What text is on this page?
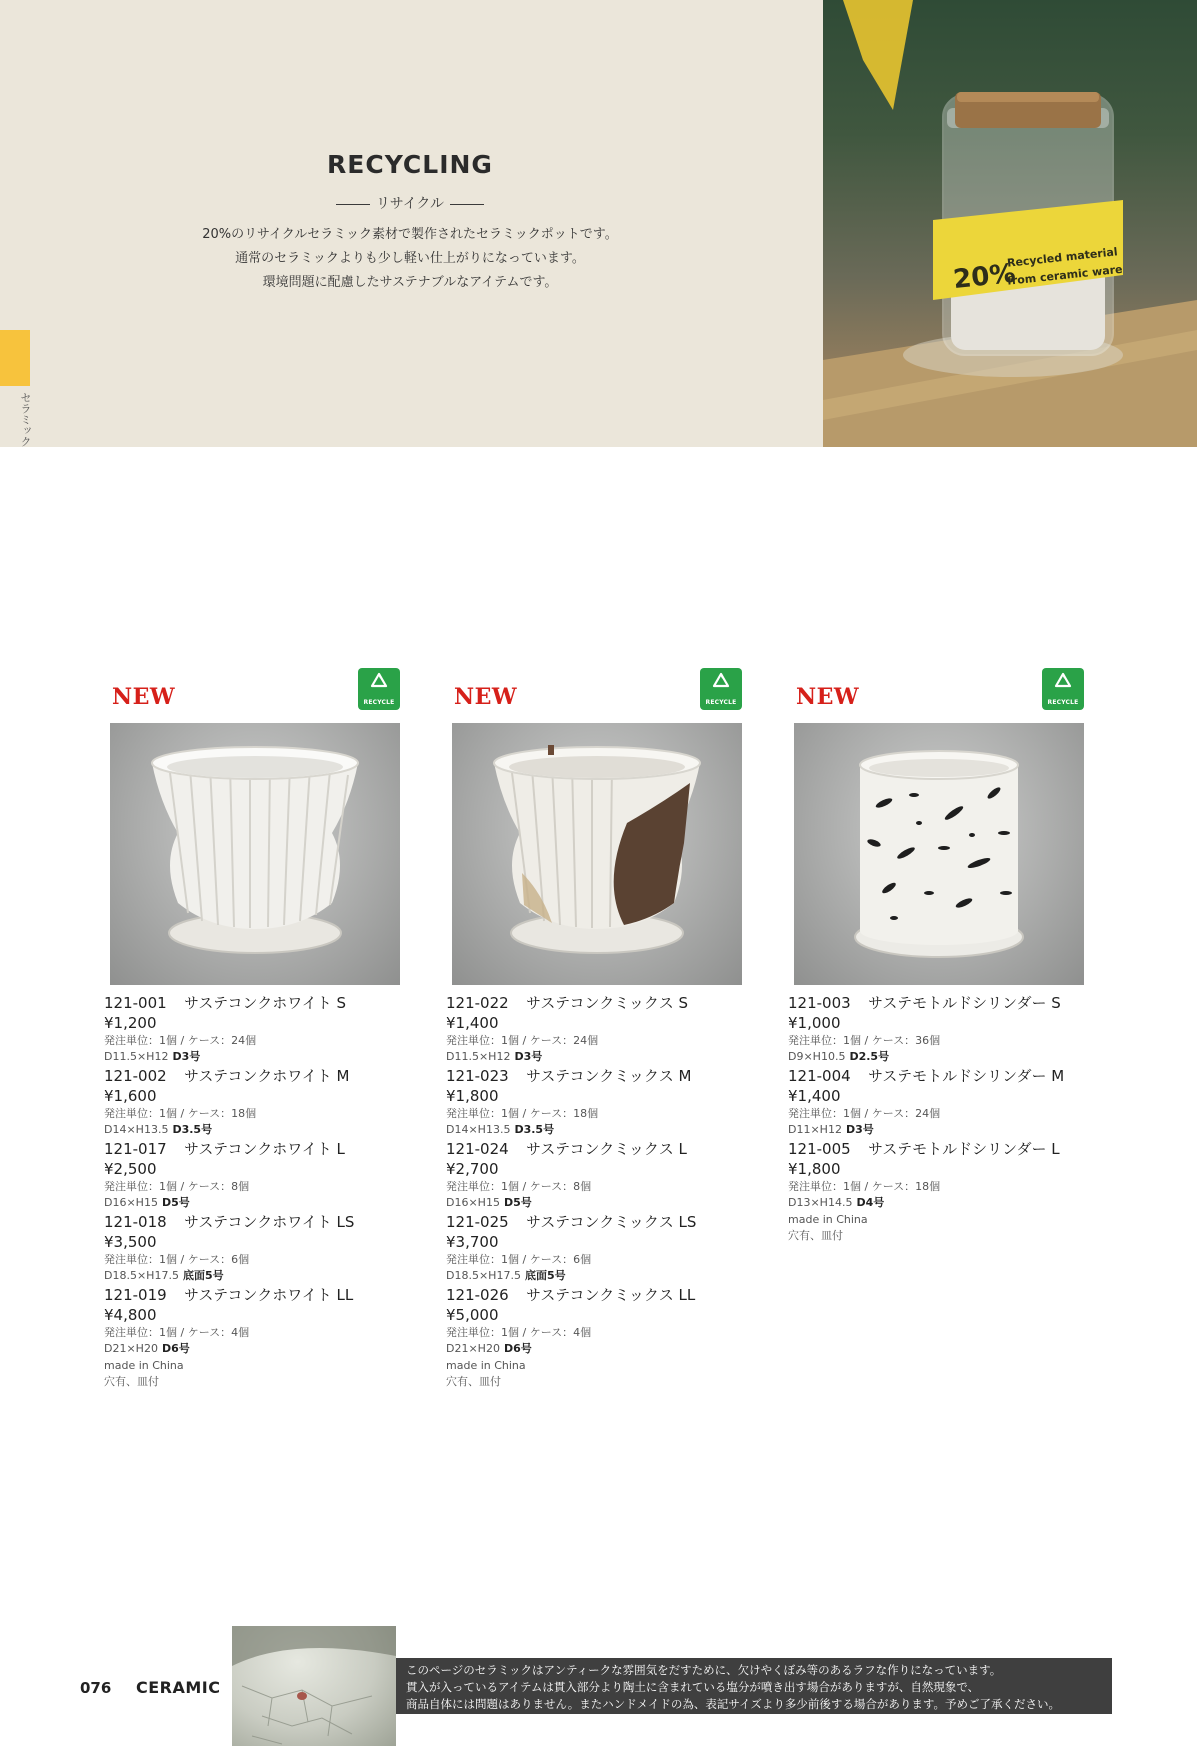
RECYCLING
リサイクル
20%のリサイクルセラミック素材で製作されたセラミックポットです。
通常のセラミックよりも少し軽い仕上がりになっています。
環境問題に配慮したサステナブルなアイテムです。	20%
Recycled material
from ceramic ware
セラミック
NEW	RECYCLE
121-001 サステコンクホワイト S
¥1,200
発注単位：1個 / ケース：24個
D11.5×H12 D3号
121-002 サステコンクホワイト M
¥1,600
発注単位：1個 / ケース：18個
D14×H13.5 D3.5号
121-017 サステコンクホワイト L
¥2,500
発注単位：1個 / ケース：8個
D16×H15 D5号
121-018 サステコンクホワイト LS
¥3,500
発注単位：1個 / ケース：6個
D18.5×H17.5 底面5号
121-019 サステコンクホワイト LL
¥4,800
発注単位：1個 / ケース：4個
D21×H20 D6号
made in China
穴有、皿付
NEW	RECYCLE
121-022 サステコンクミックス S
¥1,400
発注単位：1個 / ケース：24個
D11.5×H12 D3号
121-023 サステコンクミックス M
¥1,800
発注単位：1個 / ケース：18個
D14×H13.5 D3.5号
121-024 サステコンクミックス L
¥2,700
発注単位：1個 / ケース：8個
D16×H15 D5号
121-025 サステコンクミックス LS
¥3,700
発注単位：1個 / ケース：6個
D18.5×H17.5 底面5号
121-026 サステコンクミックス LL
¥5,000
発注単位：1個 / ケース：4個
D21×H20 D6号
made in China
穴有、皿付
NEW	RECYCLE
121-003 サステモトルドシリンダー S
¥1,000
発注単位：1個 / ケース：36個
D9×H10.5 D2.5号
121-004 サステモトルドシリンダー M
¥1,400
発注単位：1個 / ケース：24個
D11×H12 D3号
121-005 サステモトルドシリンダー L
¥1,800
発注単位：1個 / ケース：18個
D13×H14.5 D4号
made in China
穴有、皿付
076 CERAMIC
このページのセラミックはアンティークな雰囲気をだすために、欠けやくぼみ等のあるラフな作りになっています。
貫入が入っているアイテムは貫入部分より陶土に含まれている塩分が噴き出す場合がありますが、自然現象で、
商品自体には問題はありません。またハンドメイドの為、表記サイズより多少前後する場合があります。予めご了承ください。
